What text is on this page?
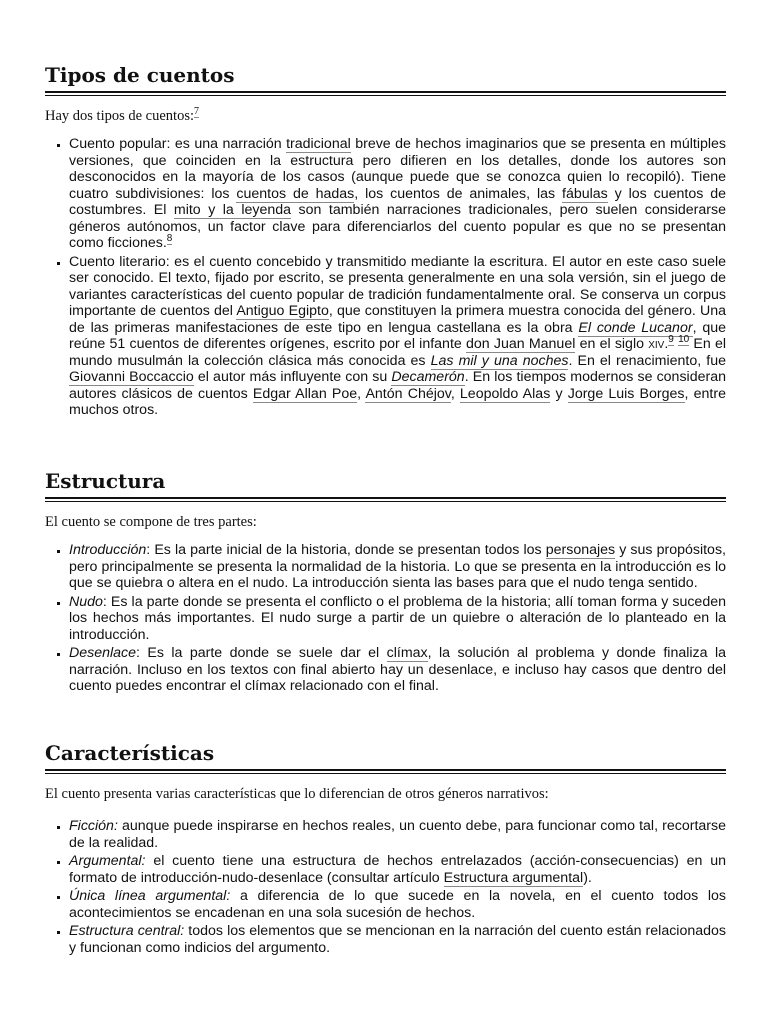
Tipos de cuentos

Hay dos tipos de cuentos:$^7$

▪ Cuento popular: es una narración tradicional breve de hechos imaginarios que se presenta en múltiples versiones, que coinciden en la estructura pero difieren en los detalles, donde los autores son desconocidos en la mayoría de los casos (aunque puede que se conozca quien lo recopiló). Tiene cuatro subdivisiones: los cuentos de hadas, los cuentos de animales, las fábulas y los cuentos de costumbres. El mito y la leyenda son también narraciones tradicionales, pero suelen considerarse géneros autónomos, un factor clave para diferenciarlos del cuento popular es que no se presentan como ficciones.$^8$
▪ Cuento literario: es el cuento concebido y transmitido mediante la escritura. El autor en este caso suele ser conocido. El texto, fijado por escrito, se presenta generalmente en una sola versión, sin el juego de variantes características del cuento popular de tradición fundamentalmente oral. Se conserva un corpus importante de cuentos del Antiguo Egipto, que constituyen la primera muestra conocida del género. Una de las primeras manifestaciones de este tipo en lengua castellana es la obra El conde Lucanor, que reúne 51 cuentos de diferentes orígenes, escrito por el infante don Juan Manuel en el siglo xiv.$^9$ $^{10}$ En el mundo musulmán la colección clásica más conocida es Las mil y una noches. En el renacimiento, fue Giovanni Boccaccio el autor más influyente con su Decamerón. En los tiempos modernos se consideran autores clásicos de cuentos Edgar Allan Poe, Antón Chéjov, Leopoldo Alas y Jorge Luis Borges, entre muchos otros.
Estructura

El cuento se compone de tres partes:

▪ Introducción: Es la parte inicial de la historia, donde se presentan todos los personajes y sus propósitos, pero principalmente se presenta la normalidad de la historia. Lo que se presenta en la introducción es lo que se quiebra o altera en el nudo. La introducción sienta las bases para que el nudo tenga sentido.
▪ Nudo: Es la parte donde se presenta el conflicto o el problema de la historia; allí toman forma y suceden los hechos más importantes. El nudo surge a partir de un quiebre o alteración de lo planteado en la introducción.
▪ Desenlace: Es la parte donde se suele dar el clímax, la solución al problema y donde finaliza la narración. Incluso en los textos con final abierto hay un desenlace, e incluso hay casos que dentro del cuento puedes encontrar el clímax relacionado con el final.
Características

El cuento presenta varias características que lo diferencian de otros géneros narrativos:

▪ Ficción: aunque puede inspirarse en hechos reales, un cuento debe, para funcionar como tal, recortarse de la realidad.
▪ Argumental: el cuento tiene una estructura de hechos entrelazados (acción-consecuencias) en un formato de introducción-nudo-desenlace (consultar artículo Estructura argumental).
▪ Única línea argumental: a diferencia de lo que sucede en la novela, en el cuento todos los acontecimientos se encadenan en una sola sucesión de hechos.
▪ Estructura central: todos los elementos que se mencionan en la narración del cuento están relacionados y funcionan como indicios del argumento.
